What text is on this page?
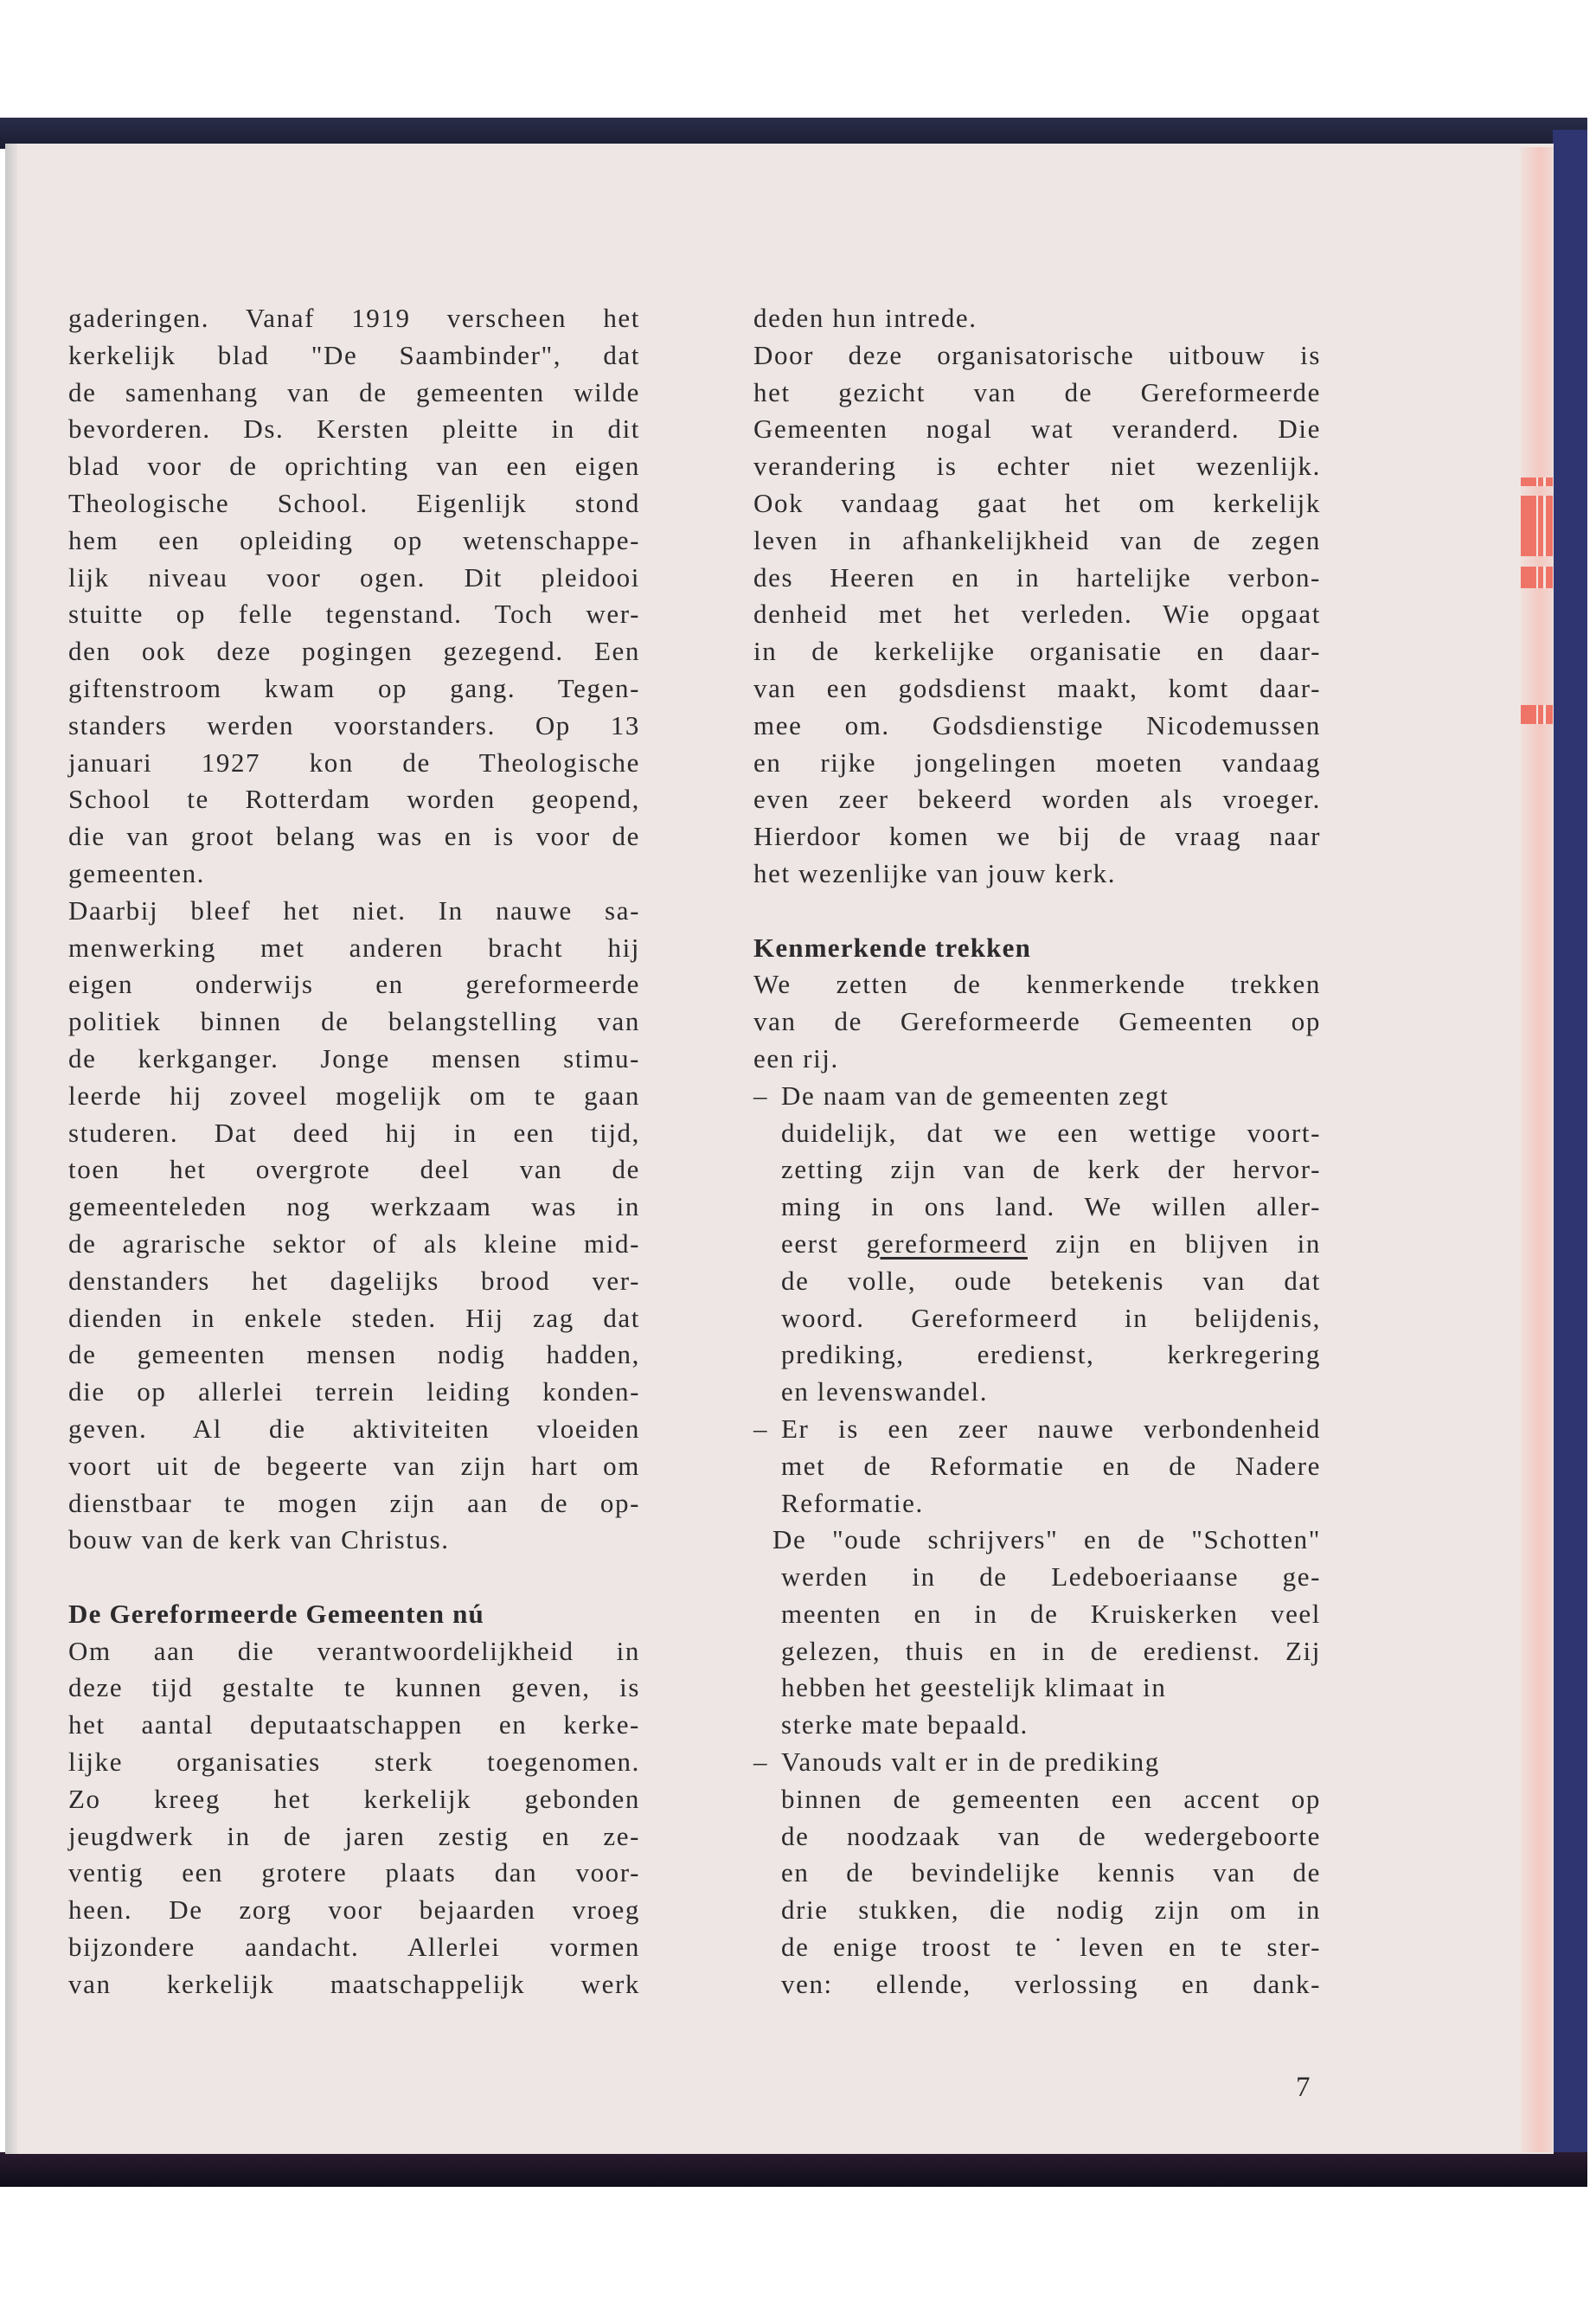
gaderingen. Vanaf 1919 verscheen het
kerkelijk blad "De Saambinder", dat
de samenhang van de gemeenten wilde
bevorderen. Ds. Kersten pleitte in dit
blad voor de oprichting van een eigen
Theologische School. Eigenlijk stond
hem een opleiding op wetenschappe-
lijk niveau voor ogen. Dit pleidooi
stuitte op felle tegenstand. Toch wer-
den ook deze pogingen gezegend. Een
giftenstroom kwam op gang. Tegen-
standers werden voorstanders. Op 13
januari 1927 kon de Theologische
School te Rotterdam worden geopend,
die van groot belang was en is voor de
gemeenten.
Daarbij bleef het niet. In nauwe sa-
menwerking met anderen bracht hij
eigen onderwijs en gereformeerde
politiek binnen de belangstelling van
de kerkganger. Jonge mensen stimu-
leerde hij zoveel mogelijk om te gaan
studeren. Dat deed hij in een tijd,
toen het overgrote deel van de
gemeenteleden nog werkzaam was in
de agrarische sektor of als kleine mid-
denstanders het dagelijks brood ver-
dienden in enkele steden. Hij zag dat
de gemeenten mensen nodig hadden,
die op allerlei terrein leiding konden-
geven. Al die aktiviteiten vloeiden
voort uit de begeerte van zijn hart om
dienstbaar te mogen zijn aan de op-
bouw van de kerk van Christus.

De Gereformeerde Gemeenten nú
Om aan die verantwoordelijkheid in
deze tijd gestalte te kunnen geven, is
het aantal deputaatschappen en kerke-
lijke organisaties sterk toegenomen.
Zo kreeg het kerkelijk gebonden
jeugdwerk in de jaren zestig en ze-
ventig een grotere plaats dan voor-
heen. De zorg voor bejaarden vroeg
bijzondere aandacht. Allerlei vormen
van kerkelijk maatschappelijk werk
deden hun intrede.
Door deze organisatorische uitbouw is
het gezicht van de Gereformeerde
Gemeenten nogal wat veranderd. Die
verandering is echter niet wezenlijk.
Ook vandaag gaat het om kerkelijk
leven in afhankelijkheid van de zegen
des Heeren en in hartelijke verbon-
denheid met het verleden. Wie opgaat
in de kerkelijke organisatie en daar-
van een godsdienst maakt, komt daar-
mee om. Godsdienstige Nicodemussen
en rijke jongelingen moeten vandaag
even zeer bekeerd worden als vroeger.
Hierdoor komen we bij de vraag naar
het wezenlijke van jouw kerk.

Kenmerkende trekken
We zetten de kenmerkende trekken
van de Gereformeerde Gemeenten op
een rij.
– De naam van de gemeenten zegt
duidelijk, dat we een wettige voort-
zetting zijn van de kerk der hervor-
ming in ons land. We willen aller-
eerst gereformeerd zijn en blijven in
de volle, oude betekenis van dat
woord. Gereformeerd in belijdenis,
prediking, eredienst, kerkregering
en levenswandel.
– Er is een zeer nauwe verbondenheid
met de Reformatie en de Nadere
Reformatie.
De "oude schrijvers" en de "Schotten"
werden in de Ledeboeriaanse ge-
meenten en in de Kruiskerken veel
gelezen, thuis en in de eredienst. Zij
hebben het geestelijk klimaat in
sterke mate bepaald.
– Vanouds valt er in de prediking
binnen de gemeenten een accent op
de noodzaak van de wedergeboorte
en de bevindelijke kennis van de
drie stukken, die nodig zijn om in
de enige troost te˙leven en te ster-
ven: ellende, verlossing en dank-
7
